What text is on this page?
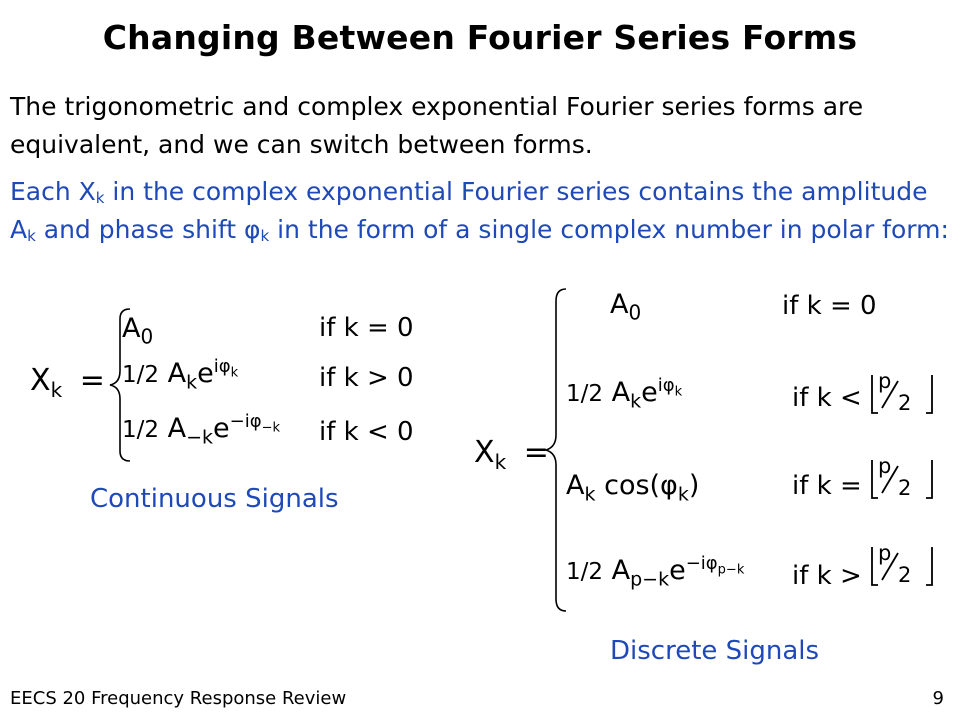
Changing Between Fourier Series Forms
The trigonometric and complex exponential Fourier series forms are equivalent, and we can switch between forms.
Each $X_k$ in the complex exponential Fourier series contains the amplitude $A_k$ and phase shift $\varphi_k$ in the form of a single complex number in polar form:
$X_k$ =
$A_0$	if k = 0
1/2 $A_ke^{i\varphi_k}$	if k > 0
1/2 $A_{-k}e^{-i\varphi_{-k}}$ if k < 0
Continuous Signals
$X_k$ =
$A_0$	if k = 0
1/2 $A_ke^{i\varphi_k}$	if k <
p
2
$A_k$ $\cos(\varphi_k)$	if k =
p
2
1/2 $A_{p-k}e^{-i\varphi_{p-k}}$ if k >
p
2
Discrete Signals
EECS 20 Frequency Response Review	9
